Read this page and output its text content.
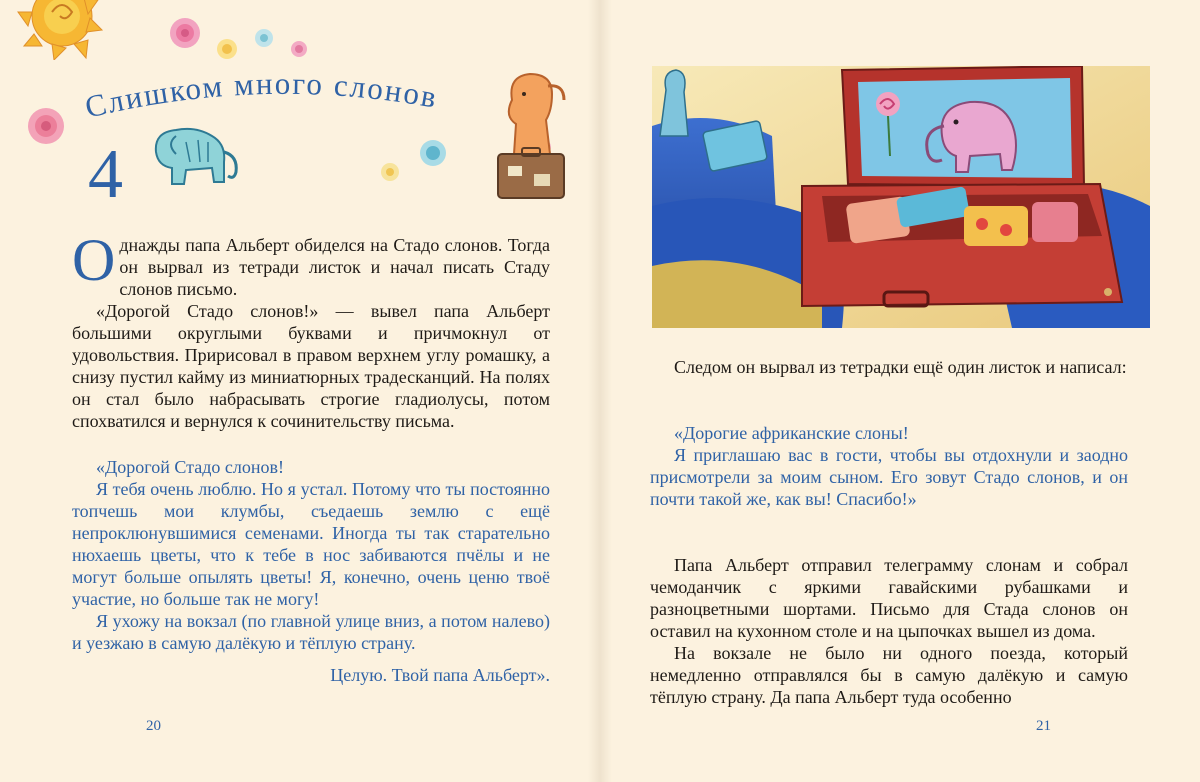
Слишком много слонов
4

Однажды папа Альберт обиделся на Стадо слонов. Тогда он вырвал из тетради листок и начал писать Стаду слонов письмо.

«Дорогой Стадо слонов!» — вывел папа Альберт большими округлыми буквами и причмокнул от удовольствия. Пририсовал в правом верхнем углу ромашку, а снизу пустил кайму из миниатюрных традесканций. На полях он стал было набрасывать строгие гладиолусы, потом спохватился и вернулся к сочинительству письма.

«Дорогой Стадо слонов!

Я тебя очень люблю. Но я устал. Потому что ты постоянно топчешь мои клумбы, съедаешь землю с ещё непроклюнувшимися семенами. Иногда ты так старательно нюхаешь цветы, что к тебе в нос забиваются пчёлы и не могут больше опылять цветы! Я, конечно, очень ценю твоё участие, но больше так не могу!

Я ухожу на вокзал (по главной улице вниз, а потом налево) и уезжаю в самую далёкую и тёплую страну.

Целую. Твой папа Альберт».

20

Следом он вырвал из тетрадки ещё один листок и написал:

«Дорогие африканские слоны!

Я приглашаю вас в гости, чтобы вы отдохнули и заодно присмотрели за моим сыном. Его зовут Стадо слонов, и он почти такой же, как вы! Спасибо!»

Папа Альберт отправил телеграмму слонам и собрал чемоданчик с яркими гавайскими рубашками и разноцветными шортами. Письмо для Стада слонов он оставил на кухонном столе и на цыпочках вышел из дома.

На вокзале не было ни одного поезда, который немедленно отправлялся бы в самую далёкую и самую тёплую страну. Да папа Альберт туда особенно

21
